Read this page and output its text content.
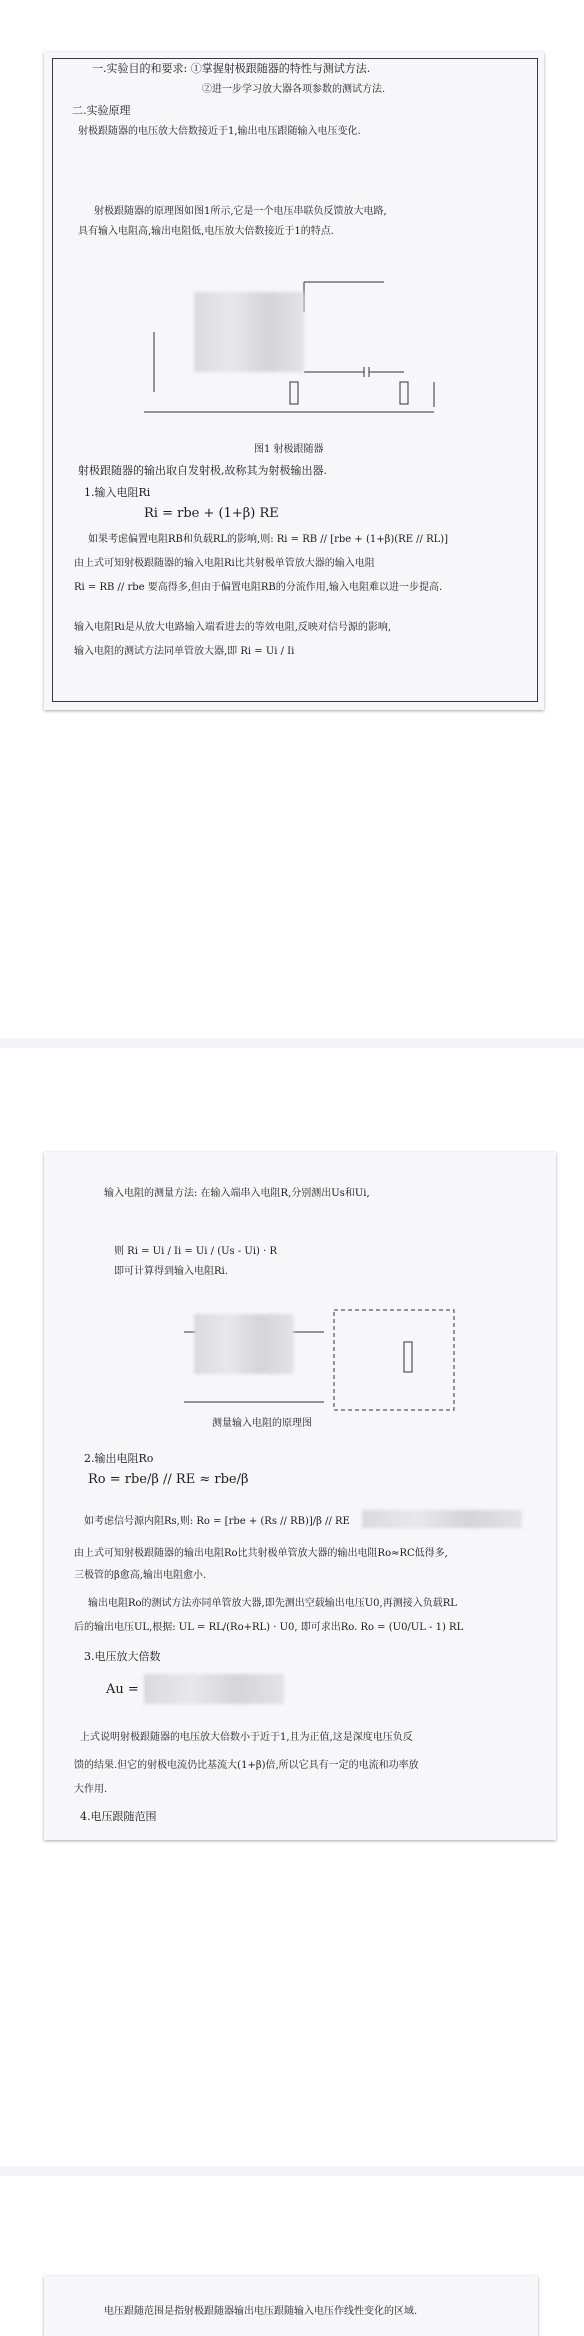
一.实验目的和要求: ①掌握射极跟随器的特性与测试方法.
②进一步学习放大器各项参数的测试方法.
二.实验原理
射极跟随器的电压放大倍数接近于1,输出电压跟随输入电压变化.
射极跟随器的原理图如图1所示,它是一个电压串联负反馈放大电路,
具有输入电阻高,输出电阻低,电压放大倍数接近于1的特点.
图1 射极跟随器
射极跟随器的输出取自发射极,故称其为射极输出器.
1.输入电阻Ri
Ri = rbe + (1+β) RE
如果考虑偏置电阻RB和负载RL的影响,则: Ri = RB // [rbe + (1+β)(RE // RL)]
由上式可知射极跟随器的输入电阻Ri比共射极单管放大器的输入电阻
Ri = RB // rbe 要高得多,但由于偏置电阻RB的分流作用,输入电阻难以进一步提高.
输入电阻Ri是从放大电路输入端看进去的等效电阻,反映对信号源的影响,
输入电阻的测试方法同单管放大器,即 Ri = Ui / Ii
输入电阻的测量方法: 在输入端串入电阻R,分别测出Us和Ui,
则 Ri = Ui / Ii = Ui / (Us - Ui) · R
即可计算得到输入电阻Ri.
测量输入电阻的原理图
2.输出电阻Ro
Ro = rbe/β // RE ≈ rbe/β
如考虑信号源内阻Rs,则: Ro = [rbe + (Rs // RB)]/β // RE
由上式可知射极跟随器的输出电阻Ro比共射极单管放大器的输出电阻Ro≈RC低得多,
三极管的β愈高,输出电阻愈小.
输出电阻Ro的测试方法亦同单管放大器,即先测出空载输出电压U0,再测接入负载RL
后的输出电压UL,根据: UL = RL/(Ro+RL) · U0, 即可求出Ro. Ro = (U0/UL - 1) RL
3.电压放大倍数
Au =
上式说明射极跟随器的电压放大倍数小于近于1,且为正值,这是深度电压负反
馈的结果.但它的射极电流仍比基流大(1+β)倍,所以它具有一定的电流和功率放
大作用.
4.电压跟随范围
电压跟随范围是指射极跟随器输出电压跟随输入电压作线性变化的区域.
